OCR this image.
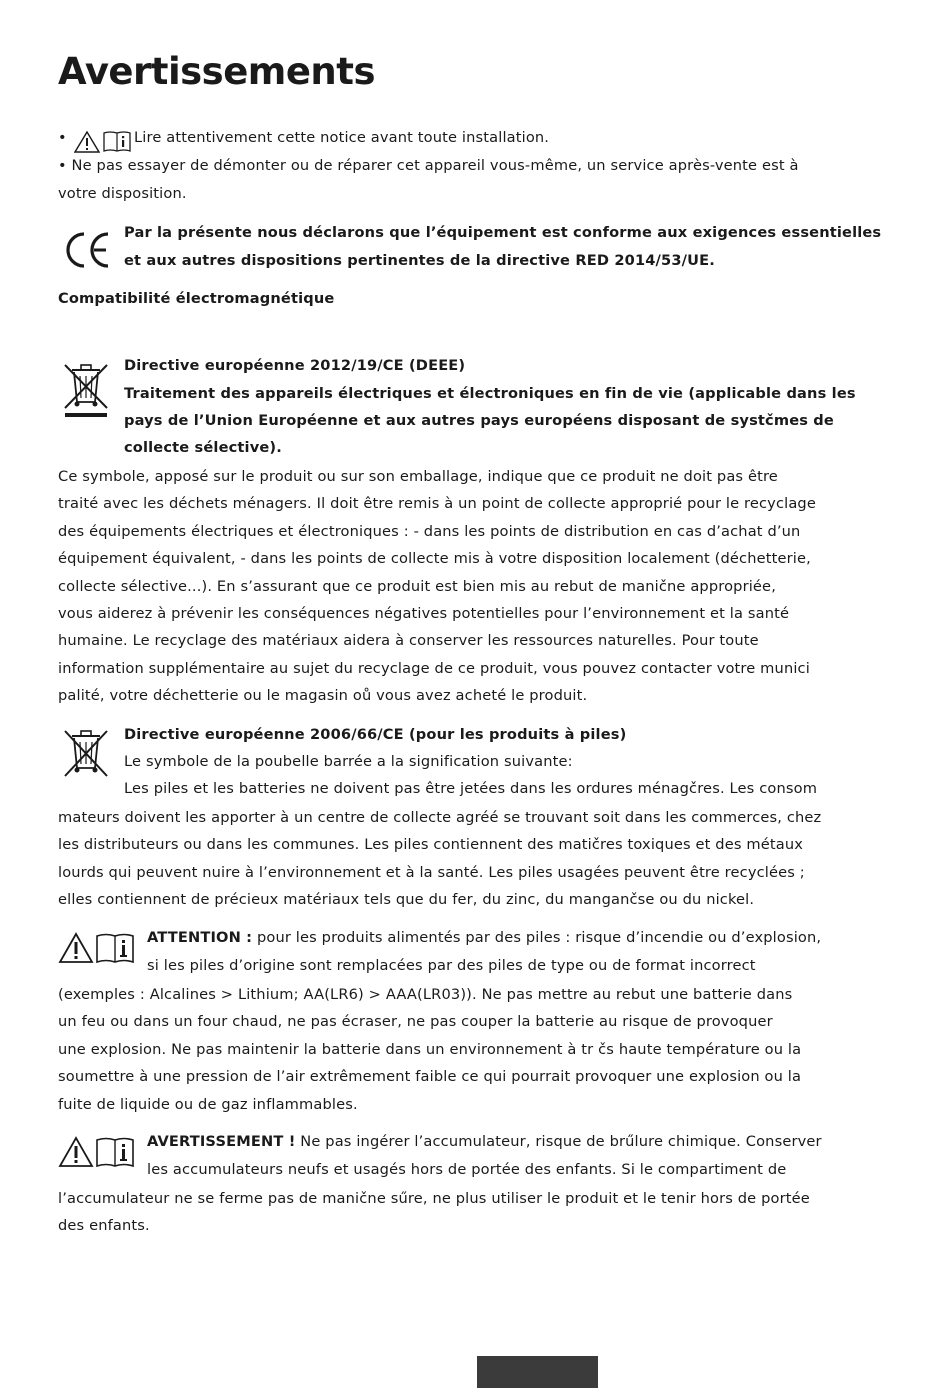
Avertissements
•	Lire attentivement cette notice avant toute installation.
• Ne pas essayer de démonter ou de réparer cet appareil vous-même, un service après-vente est à
votre disposition.
Par la présente nous déclarons que l’équipement est conforme aux exigences essentielles
et aux autres dispositions pertinentes de la directive RED 2014/53/UE.
Compatibilité électromagnétique
Directive européenne 2012/19/CE (DEEE)
Traitement des appareils électriques et électroniques en fin de vie (applicable dans les
pays de l’Union Européenne et aux autres pays européens disposant de systčmes de
collecte sélective).
Ce symbole, apposé sur le produit ou sur son emballage, indique que ce produit ne doit pas être
traité avec les déchets ménagers. Il doit être remis à un point de collecte approprié pour le recyclage
des équipements électriques et électroniques : - dans les points de distribution en cas d’achat d’un
équipement équivalent, - dans les points de collecte mis à votre disposition localement (déchetterie,
collecte sélective...). En s’assurant que ce produit est bien mis au rebut de manične appropriée,
vous aiderez à prévenir les conséquences négatives potentielles pour l’environnement et la santé
humaine. Le recyclage des matériaux aidera à conserver les ressources naturelles. Pour toute
information supplémentaire au sujet du recyclage de ce produit, vous pouvez contacter votre munici
palité, votre déchetterie ou le magasin oů vous avez acheté le produit.
Directive européenne 2006/66/CE (pour les produits à piles)
Le symbole de la poubelle barrée a la signification suivante:
Les piles et les batteries ne doivent pas être jetées dans les ordures ménagčres. Les consom
mateurs doivent les apporter à un centre de collecte agréé se trouvant soit dans les commerces, chez
les distributeurs ou dans les communes. Les piles contiennent des matičres toxiques et des métaux
lourds qui peuvent nuire à l’environnement et à la santé. Les piles usagées peuvent être recyclées ;
elles contiennent de précieux matériaux tels que du fer, du zinc, du mangančse ou du nickel.
ATTENTION : pour les produits alimentés par des piles : risque d’incendie ou d’explosion,
si les piles d’origine sont remplacées par des piles de type ou de format incorrect
(exemples : Alcalines > Lithium; AA(LR6) > AAA(LR03)). Ne pas mettre au rebut une batterie dans
un feu ou dans un four chaud, ne pas écraser, ne pas couper la batterie au risque de provoquer
une explosion. Ne pas maintenir la batterie dans un environnement à tr čs haute température ou la
soumettre à une pression de l’air extrêmement faible ce qui pourrait provoquer une explosion ou la
fuite de liquide ou de gaz inflammables.
AVERTISSEMENT ! Ne pas ingérer l’accumulateur, risque de brűlure chimique. Conserver
les accumulateurs neufs et usagés hors de portée des enfants. Si le compartiment de
l’accumulateur ne se ferme pas de manične sűre, ne plus utiliser le produit et le tenir hors de portée
des enfants.
